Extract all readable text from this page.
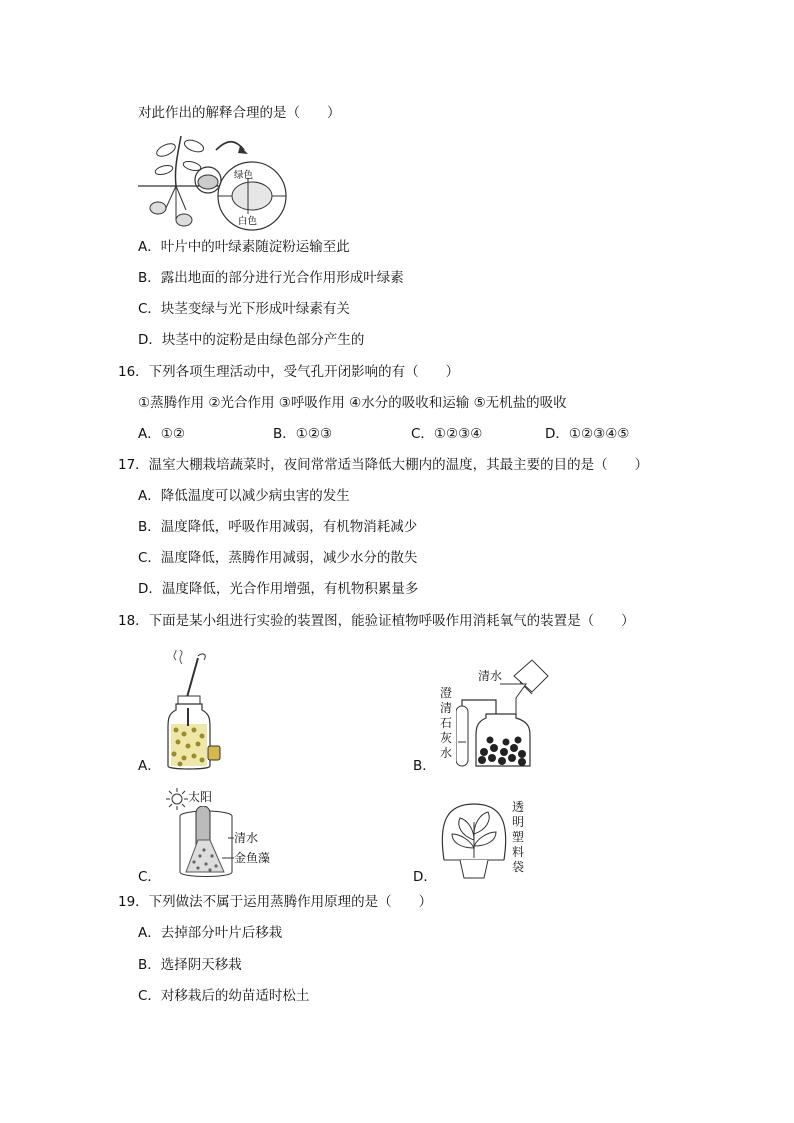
对此作出的解释合理的是（　　）
绿色
白色
A．叶片中的叶绿素随淀粉运输至此
B．露出地面的部分进行光合作用形成叶绿素
C．块茎变绿与光下形成叶绿素有关
D．块茎中的淀粉是由绿色部分产生的
16．下列各项生理活动中，受气孔开闭影响的有（　　）
①蒸腾作用 ②光合作用 ③呼吸作用 ④水分的吸收和运输 ⑤无机盐的吸收
A．①②	B．①②③	C．①②③④	D．①②③④⑤
17．温室大棚栽培蔬菜时，夜间常常适当降低大棚内的温度，其最主要的目的是（　　）
A．降低温度可以减少病虫害的发生
B．温度降低，呼吸作用减弱，有机物消耗减少
C．温度降低，蒸腾作用减弱，减少水分的散失
D．温度降低，光合作用增强，有机物积累量多
18．下面是某小组进行实验的装置图，能验证植物呼吸作用消耗氧气的装置是（　　）
A．
清水
澄清石灰水
B．
太阳
清水
金鱼藻
C．
透明塑料袋
D．
19．下列做法不属于运用蒸腾作用原理的是（　　）
A．去掉部分叶片后移栽
B．选择阴天移栽
C．对移栽后的幼苗适时松土
